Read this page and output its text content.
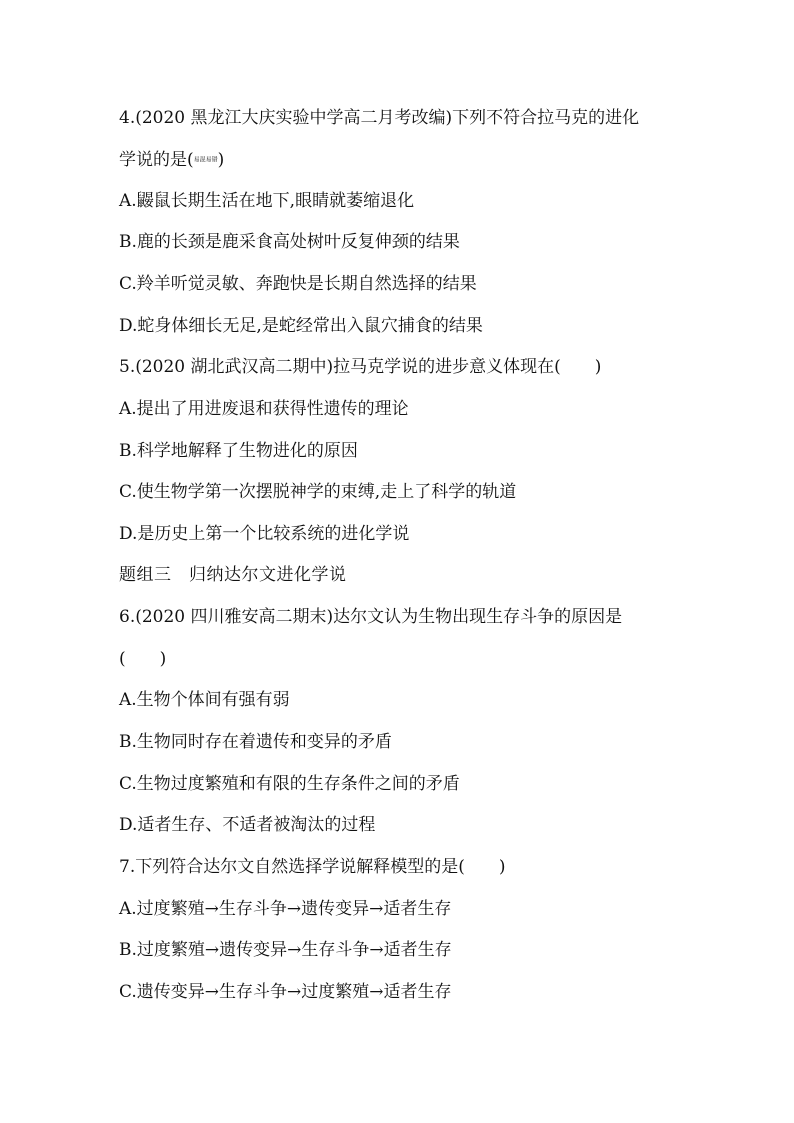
4.(2020 黑龙江大庆实验中学高二月考改编)下列不符合拉马克的进化
学说的是(易混易错)
A.鼹鼠长期生活在地下,眼睛就萎缩退化
B.鹿的长颈是鹿采食高处树叶反复伸颈的结果
C.羚羊听觉灵敏、奔跑快是长期自然选择的结果
D.蛇身体细长无足,是蛇经常出入鼠穴捕食的结果
5.(2020 湖北武汉高二期中)拉马克学说的进步意义体现在(　　)
A.提出了用进废退和获得性遗传的理论
B.科学地解释了生物进化的原因
C.使生物学第一次摆脱神学的束缚,走上了科学的轨道
D.是历史上第一个比较系统的进化学说
题组三　归纳达尔文进化学说
6.(2020 四川雅安高二期末)达尔文认为生物出现生存斗争的原因是
(　　)
A.生物个体间有强有弱
B.生物同时存在着遗传和变异的矛盾
C.生物过度繁殖和有限的生存条件之间的矛盾
D.适者生存、不适者被淘汰的过程
7.下列符合达尔文自然选择学说解释模型的是(　　)
A.过度繁殖→生存斗争→遗传变异→适者生存
B.过度繁殖→遗传变异→生存斗争→适者生存
C.遗传变异→生存斗争→过度繁殖→适者生存
